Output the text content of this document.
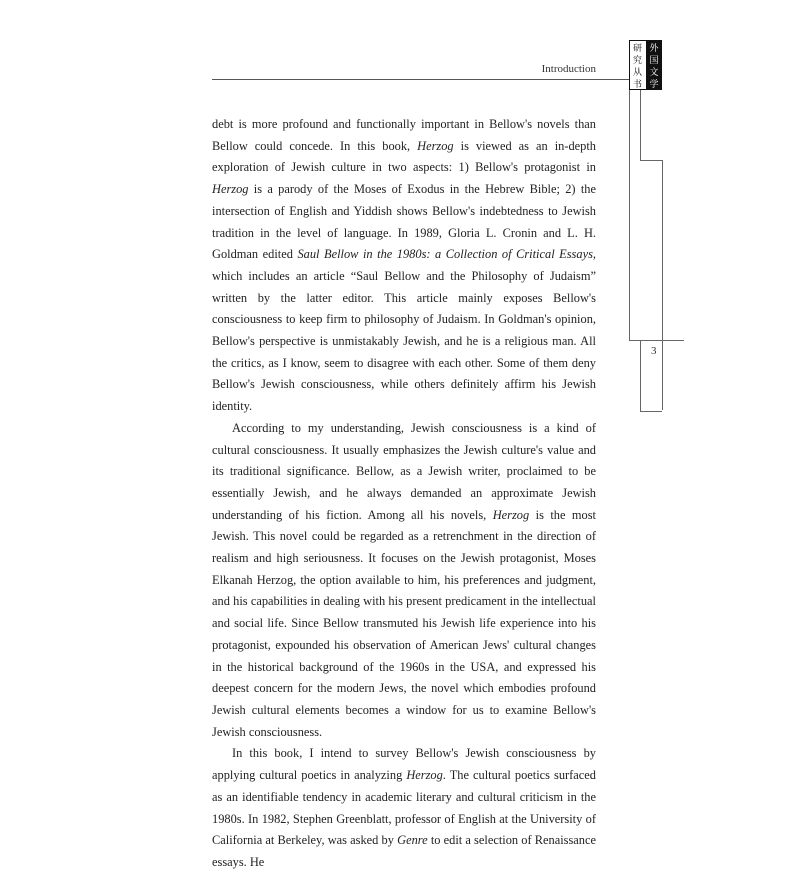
Introduction
研
究
从
书
外
国
文
学
3

debt is more profound and functionally important in Bellow's novels than Bellow could concede. In this book, Herzog is viewed as an in-depth exploration of Jewish culture in two aspects: 1) Bellow's protagonist in Herzog is a parody of the Moses of Exodus in the Hebrew Bible; 2) the intersection of English and Yiddish shows Bellow's indebtedness to Jewish tradition in the level of language. In 1989, Gloria L. Cronin and L. H. Goldman edited Saul Bellow in the 1980s: a Collection of Critical Essays, which includes an article “Saul Bellow and the Philosophy of Judaism” written by the latter editor. This article mainly exposes Bellow's consciousness to keep firm to philosophy of Judaism. In Goldman's opinion, Bellow's perspective is unmistakably Jewish, and he is a religious man. All the critics, as I know, seem to disagree with each other. Some of them deny Bellow's Jewish consciousness, while others definitely affirm his Jewish identity.

According to my understanding, Jewish consciousness is a kind of cultural consciousness. It usually emphasizes the Jewish culture's value and its traditional significance. Bellow, as a Jewish writer, proclaimed to be essentially Jewish, and he always demanded an approximate Jewish understanding of his fiction. Among all his novels, Herzog is the most Jewish. This novel could be regarded as a retrenchment in the direction of realism and high seriousness. It focuses on the Jewish protagonist, Moses Elkanah Herzog, the option available to him, his preferences and judgment, and his capabilities in dealing with his present predicament in the intellectual and social life. Since Bellow transmuted his Jewish life experience into his protagonist, expounded his observation of American Jews' cultural changes in the historical background of the 1960s in the USA, and expressed his deepest concern for the modern Jews, the novel which embodies profound Jewish cultural elements becomes a window for us to examine Bellow's Jewish consciousness.

In this book, I intend to survey Bellow's Jewish consciousness by applying cultural poetics in analyzing Herzog. The cultural poetics surfaced as an identifiable tendency in academic literary and cultural criticism in the 1980s. In 1982, Stephen Greenblatt, professor of English at the University of California at Berkeley, was asked by Genre to edit a selection of Renaissance essays. He
